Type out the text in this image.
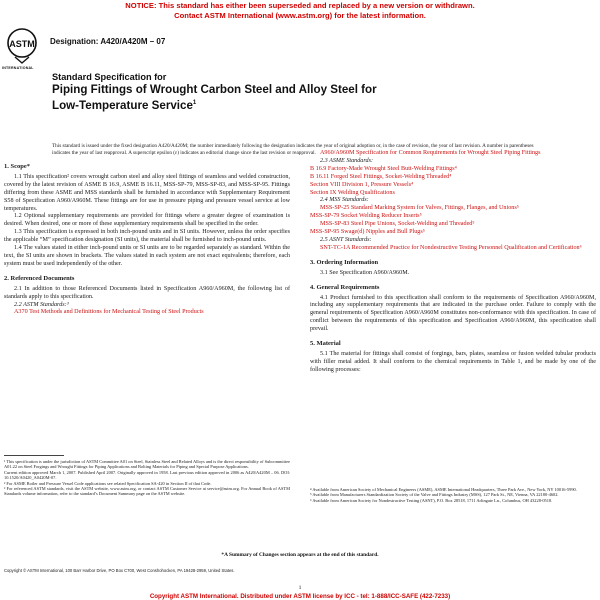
NOTICE: This standard has either been superseded and replaced by a new version or withdrawn.
Contact ASTM International (www.astm.org) for the latest information.
ASTM
INTERNATIONAL
Designation: A420/A420M – 07
Standard Specification for
Piping Fittings of Wrought Carbon Steel and Alloy Steel for
Low-Temperature Service$^1$
This standard is issued under the fixed designation A420/A420M; the number immediately following the designation indicates the year of original adoption or, in the case of revision, the year of last revision. A number in parentheses indicates the year of last reapproval. A superscript epsilon (ε) indicates an editorial change since the last revision or reapproval.
1. Scope*
1.1 This specification² covers wrought carbon steel and alloy steel fittings of seamless and welded construction, covered by the latest revision of ASME B 16.9, ASME B 16.11, MSS-SP-79, MSS-SP-83, and MSS-SP-95. Fittings differing from these ASME and MSS standards shall be furnished in accordance with Supplementary Requirement S58 of Specification A960/A960M. These fittings are for use in pressure piping and pressure vessel service at low temperatures.
1.2 Optional supplementary requirements are provided for fittings where a greater degree of examination is desired. When desired, one or more of these supplementary requirements shall be specified in the order.
1.3 This specification is expressed in both inch-pound units and in SI units. However, unless the order specifies the applicable “M” specification designation (SI units), the material shall be furnished to inch-pound units.
1.4 The values stated in either inch-pound units or SI units are to be regarded separately as standard. Within the text, the SI units are shown in brackets. The values stated in each system are not exact equivalents; therefore, each system must be used independently of the other.
2. Referenced Documents
2.1 In addition to those Referenced Documents listed in Specification A960/A960M, the following list of standards apply to this specification.
2.2 ASTM Standards:³
A370 Test Methods and Definitions for Mechanical Testing of Steel Products
A960/A960M Specification for Common Requirements for Wrought Steel Piping Fittings
2.3 ASME Standards:
B 16.9 Factory-Made Wrought Steel Butt-Welding Fittings⁴
B 16.11 Forged Steel Fittings, Socket-Welding Threaded⁴
Section VIII Division 1, Pressure Vessels⁴
Section IX Welding Qualifications
2.4 MSS Standards:
MSS-SP-25 Standard Marking System for Valves, Fittings, Flanges, and Unions⁵
MSS-SP-79 Socket Welding Reducer Inserts⁵
MSS-SP-83 Steel Pipe Unions, Socket-Welding and Threaded⁵
MSS-SP-95 Swage(d) Nipples and Bull Plugs⁵
2.5 ASNT Standards:
SNT-TC-1A Recommended Practice for Nondestructive Testing Personnel Qualification and Certification⁶
3. Ordering Information
3.1 See Specification A960/A960M.
4. General Requirements
4.1 Product furnished to this specification shall conform to the requirements of Specification A960/A960M, including any supplementary requirements that are indicated in the purchase order. Failure to comply with the general requirements of Specification A960/A960M constitutes non-conformance with this specification. In case of conflict between the requirements of this specification and Specification A960/A960M, this specification shall prevail.
5. Material
5.1 The material for fittings shall consist of forgings, bars, plates, seamless or fusion welded tubular products with filler metal added. It shall conform to the chemical requirements in Table 1, and be made by one of the following processes:
¹ This specification is under the jurisdiction of ASTM Committee A01 on Steel, Stainless Steel and Related Alloys and is the direct responsibility of Subcommittee A01.22 on Steel Forgings and Wrought Fittings for Piping Applications and Bolting Materials for Piping and Special Purpose Applications.
Current edition approved March 1, 2007. Published April 2007. Originally approved in 1958. Last previous edition approved in 2006 as A420/A420M – 06. DOI: 10.1520/A0420_A0420M-07.
² For ASME Boiler and Pressure Vessel Code applications see related Specification SA-420 in Section II of that Code.
³ For referenced ASTM standards, visit the ASTM website, www.astm.org, or contact ASTM Customer Service at service@astm.org. For Annual Book of ASTM Standards volume information, refer to the standard’s Document Summary page on the ASTM website.
⁴ Available from American Society of Mechanical Engineers (ASME), ASME International Headquarters, Three Park Ave., New York, NY 10016-5990.
⁵ Available from Manufacturers Standardization Society of the Valve and Fittings Industry (MSS), 127 Park St., NE, Vienna, VA 22180-4602.
⁶ Available from American Society for Nondestructive Testing (ASNT), P.O. Box 28518, 1711 Arlingate Ln., Columbus, OH 43228-0518.
*A Summary of Changes section appears at the end of this standard.
Copyright © ASTM International, 100 Barr Harbor Drive, PO Box C700, West Conshohocken, PA 19428-2959, United States.
1
Copyright ASTM International. Distributed under ASTM license by ICC - tel: 1-888/ICC-SAFE (422-7233)
